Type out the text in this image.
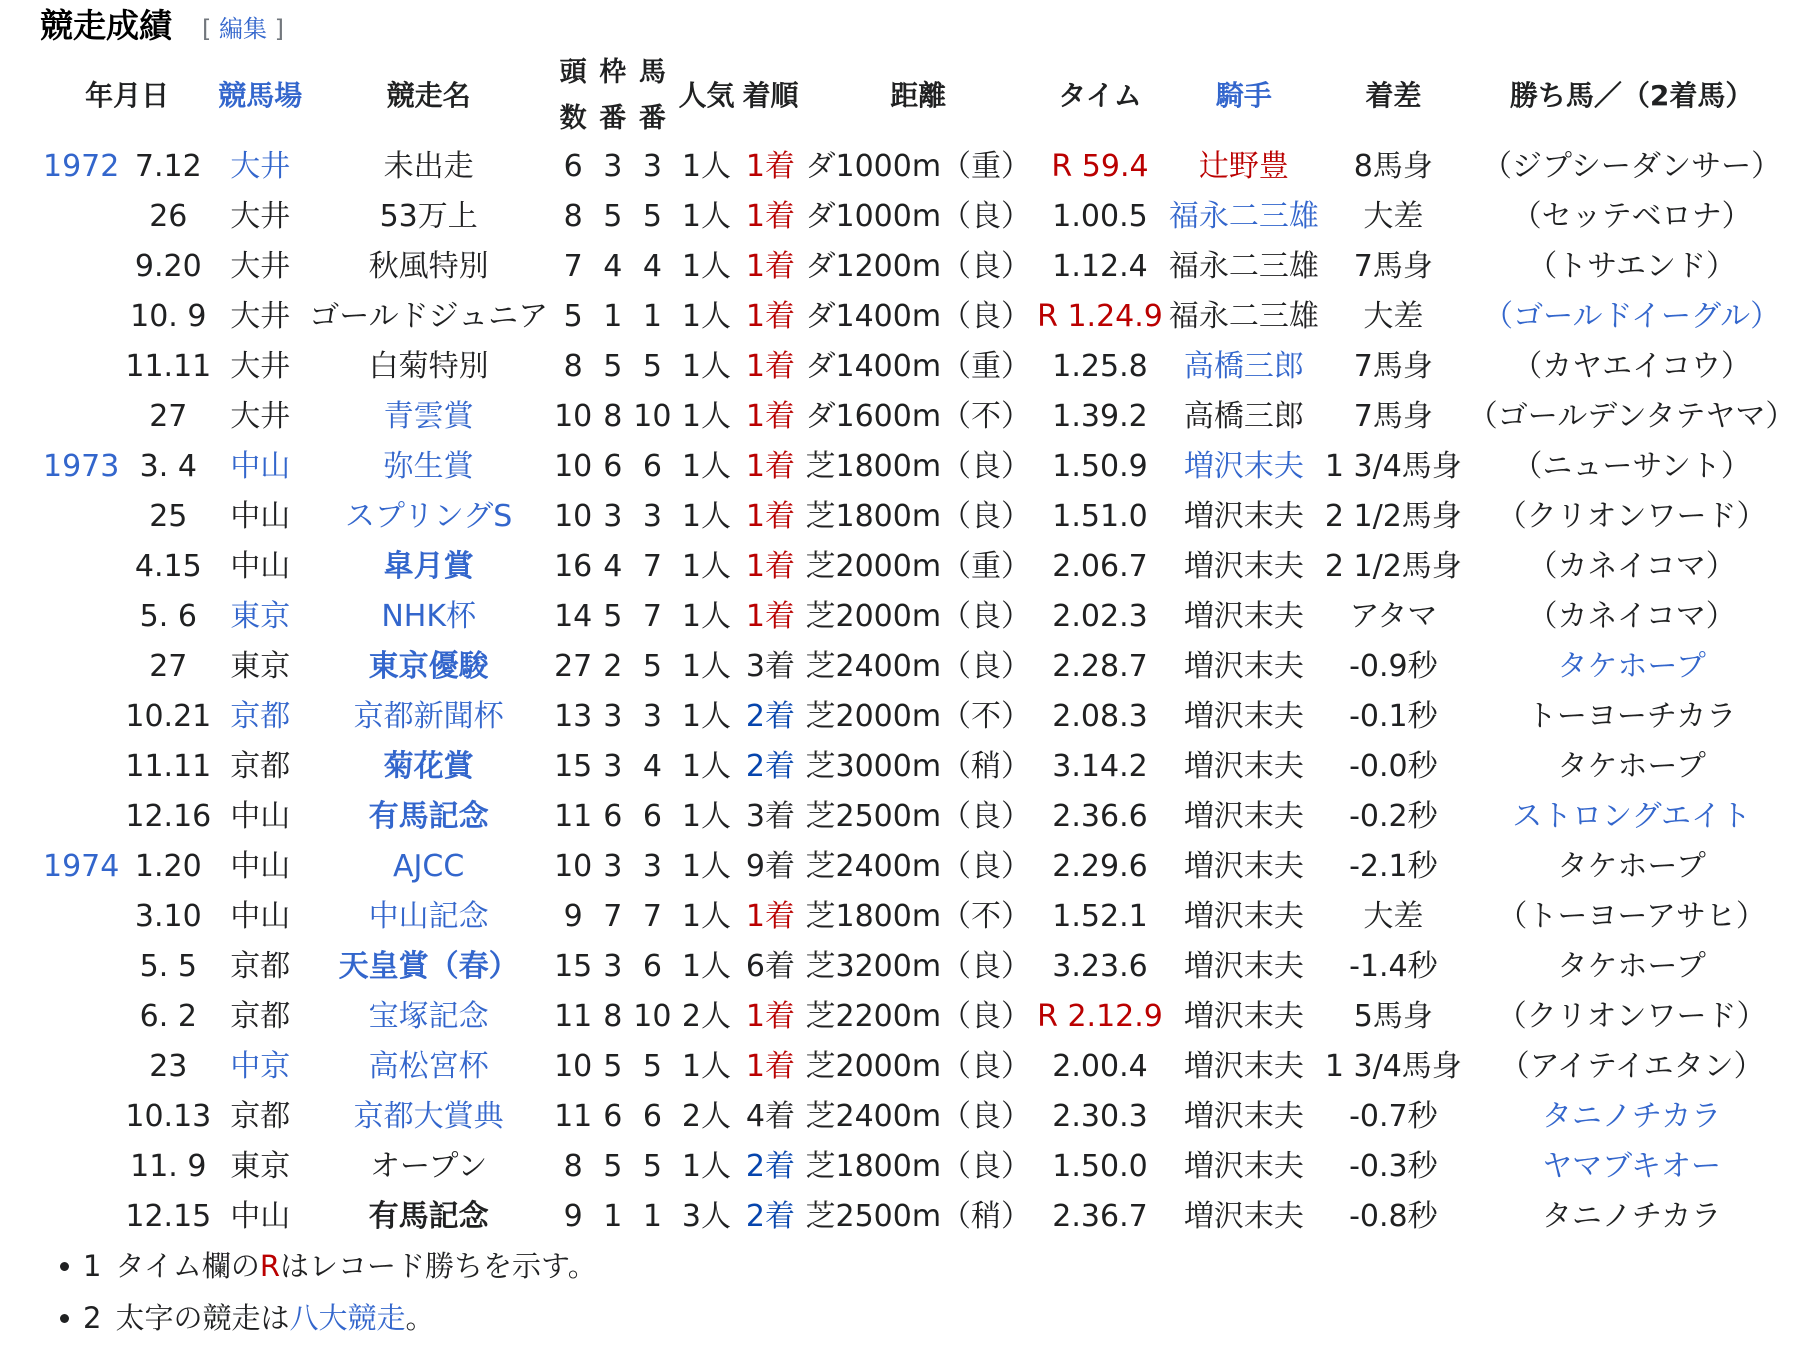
競走成績 [ 編集 ]
年月日		競馬場	競走名	頭
数	枠
番	馬
番	人気	着順	距離	タイム	騎手	着差	勝ち馬／（2着馬）
1972	7.12	大井	未出走	6	3	3	1人	1着	ダ1000m（重）	R 59.4	辻野豊	8馬身	（ジプシーダンサー）
	26	大井	53万上	8	5	5	1人	1着	ダ1000m（良）	1.00.5	福永二三雄	大差	（セッテベロナ）
	9.20	大井	秋風特別	7	4	4	1人	1着	ダ1200m（良）	1.12.4	福永二三雄	7馬身	（トサエンド）
	10. 9	大井	ゴールドジュニア	5	1	1	1人	1着	ダ1400m（良）	R 1.24.9	福永二三雄	大差	（ゴールドイーグル）
	11.11	大井	白菊特別	8	5	5	1人	1着	ダ1400m（重）	1.25.8	高橋三郎	7馬身	（カヤエイコウ）
	27	大井	青雲賞	10	8	10	1人	1着	ダ1600m（不）	1.39.2	高橋三郎	7馬身	（ゴールデンタテヤマ）
1973	3. 4	中山	弥生賞	10	6	6	1人	1着	芝1800m（良）	1.50.9	増沢末夫	1 3/4馬身	（ニューサント）
	25	中山	スプリングS	10	3	3	1人	1着	芝1800m（良）	1.51.0	増沢末夫	2 1/2馬身	（クリオンワード）
	4.15	中山	皐月賞	16	4	7	1人	1着	芝2000m（重）	2.06.7	増沢末夫	2 1/2馬身	（カネイコマ）
	5. 6	東京	NHK杯	14	5	7	1人	1着	芝2000m（良）	2.02.3	増沢末夫	アタマ	（カネイコマ）
	27	東京	東京優駿	27	2	5	1人	3着	芝2400m（良）	2.28.7	増沢末夫	-0.9秒	タケホープ
	10.21	京都	京都新聞杯	13	3	3	1人	2着	芝2000m（不）	2.08.3	増沢末夫	-0.1秒	トーヨーチカラ
	11.11	京都	菊花賞	15	3	4	1人	2着	芝3000m（稍）	3.14.2	増沢末夫	-0.0秒	タケホープ
	12.16	中山	有馬記念	11	6	6	1人	3着	芝2500m（良）	2.36.6	増沢末夫	-0.2秒	ストロングエイト
1974	1.20	中山	AJCC	10	3	3	1人	9着	芝2400m（良）	2.29.6	増沢末夫	-2.1秒	タケホープ
	3.10	中山	中山記念	9	7	7	1人	1着	芝1800m（不）	1.52.1	増沢末夫	大差	（トーヨーアサヒ）
	5. 5	京都	天皇賞（春）	15	3	6	1人	6着	芝3200m（良）	3.23.6	増沢末夫	-1.4秒	タケホープ
	6. 2	京都	宝塚記念	11	8	10	2人	1着	芝2200m（良）	R 2.12.9	増沢末夫	5馬身	（クリオンワード）
	23	中京	高松宮杯	10	5	5	1人	1着	芝2000m（良）	2.00.4	増沢末夫	1 3/4馬身	（アイテイエタン）
	10.13	京都	京都大賞典	11	6	6	2人	4着	芝2400m（良）	2.30.3	増沢末夫	-0.7秒	タニノチカラ
	11. 9	東京	オープン	8	5	5	1人	2着	芝1800m（良）	1.50.0	増沢末夫	-0.3秒	ヤマブキオー
	12.15	中山	有馬記念	9	1	1	3人	2着	芝2500m（稍）	2.36.7	増沢末夫	-0.8秒	タニノチカラ
1 タイム欄の R はレコード勝ちを示す。
2 太字の競走は 八大競走 。
